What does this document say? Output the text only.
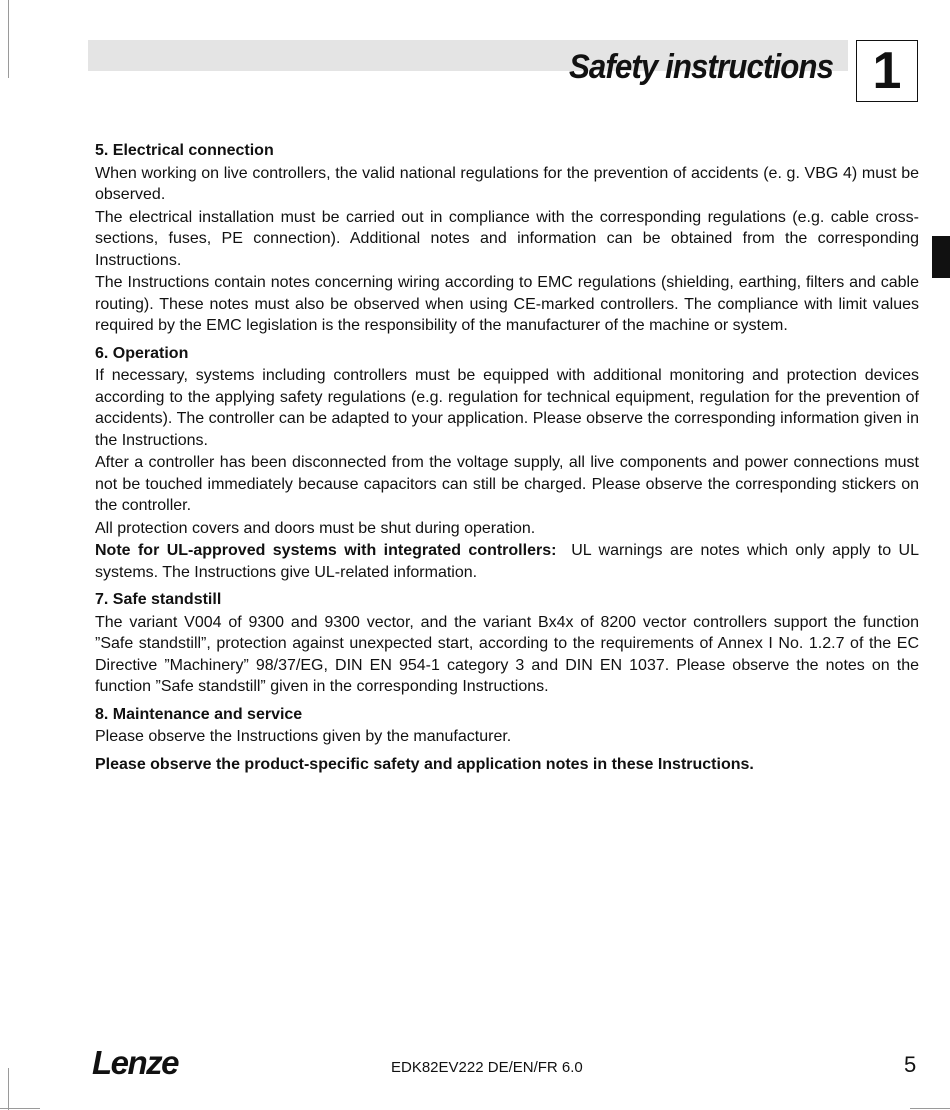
Safety instructions 1
5. Electrical connection

When working on live controllers, the valid national regulations for the prevention of accidents (e. g. VBG 4) must be observed.

The electrical installation must be carried out in compliance with the corresponding regulations (e.g. cable cross-sections, fuses, PE connection). Additional notes and information can be obtained from the corresponding Instructions.

The Instructions contain notes concerning wiring according to EMC regulations (shielding, earthing, filters and cable routing). These notes must also be observed when using CE-marked controllers. The compliance with limit values required by the EMC legislation is the responsibility of the manufacturer of the machine or system.

6. Operation

If necessary, systems including controllers must be equipped with additional monitoring and protection devices according to the applying safety regulations (e.g. regulation for technical equipment, regulation for the prevention of accidents). The controller can be adapted to your application. Please observe the corresponding information given in the Instructions.

After a controller has been disconnected from the voltage supply, all live components and power connections must not be touched immediately because capacitors can still be charged. Please observe the corresponding stickers on the controller.

All protection covers and doors must be shut during operation.

Note for UL-approved systems with integrated controllers: UL warnings are notes which only apply to UL systems. The Instructions give UL-related information.

7. Safe standstill

The variant V004 of 9300 and 9300 vector, and the variant Bx4x of 8200 vector controllers support the function ”Safe standstill”, protection against unexpected start, according to the requirements of Annex I No. 1.2.7 of the EC Directive ”Machinery” 98/37/EG, DIN EN 954-1 category 3 and DIN EN 1037. Please observe the notes on the function ”Safe standstill” given in the corresponding Instructions.

8. Maintenance and service

Please observe the Instructions given by the manufacturer.

Please observe the product-specific safety and application notes in these Instructions.
Lenze	EDK82EV222 DE/EN/FR 6.0	5
